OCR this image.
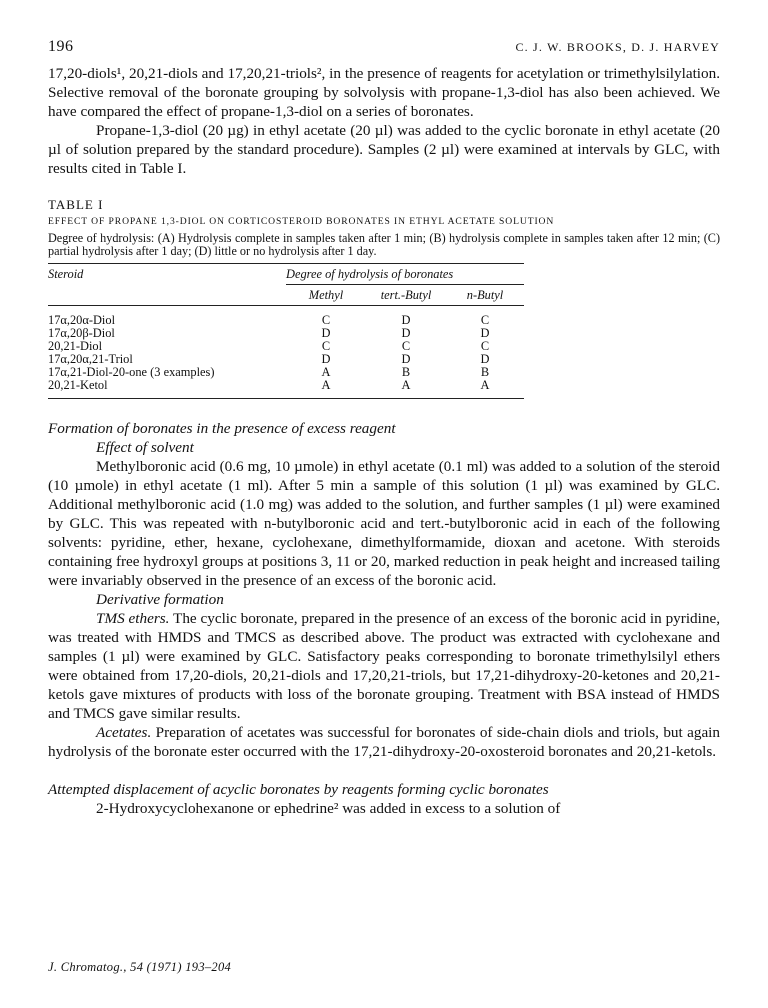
196	C. J. W. BROOKS, D. J. HARVEY

17,20-diols¹, 20,21-diols and 17,20,21-triols², in the presence of reagents for acetylation or trimethylsilylation. Selective removal of the boronate grouping by solvolysis with propane-1,3-diol has also been achieved. We have compared the effect of propane-1,3-diol on a series of boronates.

Propane-1,3-diol (20 µg) in ethyl acetate (20 µl) was added to the cyclic boronate in ethyl acetate (20 µl of solution prepared by the standard procedure). Samples (2 µl) were examined at intervals by GLC, with results cited in Table I.

TABLE I
EFFECT OF PROPANE 1,3-DIOL ON CORTICOSTEROID BORONATES IN ETHYL ACETATE SOLUTION
Degree of hydrolysis: (A) Hydrolysis complete in samples taken after 1 min; (B) hydrolysis complete in samples taken after 12 min; (C) partial hydrolysis after 1 day; (D) little or no hydrolysis after 1 day.
Steroid	Degree of hydrolysis of boronates		
	Methyl	tert.-Butyl	n-Butyl

17α,20α-Diol	C	D	C
17α,20β-Diol	D	D	D
20,21-Diol	C	C	C
17α,20α,21-Triol	D	D	D
17α,21-Diol-20-one (3 examples)	A	B	B
20,21-Ketol	A	A	A
Formation of boronates in the presence of excess reagent
Effect of solvent

Methylboronic acid (0.6 mg, 10 µmole) in ethyl acetate (0.1 ml) was added to a solution of the steroid (10 µmole) in ethyl acetate (1 ml). After 5 min a sample of this solution (1 µl) was examined by GLC. Additional methylboronic acid (1.0 mg) was added to the solution, and further samples (1 µl) were examined by GLC. This was repeated with n-butylboronic acid and tert.-butylboronic acid in each of the following solvents: pyridine, ether, hexane, cyclohexane, dimethylformamide, dioxan and acetone. With steroids containing free hydroxyl groups at positions 3, 11 or 20, marked reduction in peak height and increased tailing were invariably observed in the presence of an excess of the boronic acid.

Derivative formation

TMS ethers. The cyclic boronate, prepared in the presence of an excess of the boronic acid in pyridine, was treated with HMDS and TMCS as described above. The product was extracted with cyclohexane and samples (1 µl) were examined by GLC. Satisfactory peaks corresponding to boronate trimethylsilyl ethers were obtained from 17,20-diols, 20,21-diols and 17,20,21-triols, but 17,21-dihydroxy-20-ketones and 20,21-ketols gave mixtures of products with loss of the boronate grouping. Treatment with BSA instead of HMDS and TMCS gave similar results.

Acetates. Preparation of acetates was successful for boronates of side-chain diols and triols, but again hydrolysis of the boronate ester occurred with the 17,21-dihydroxy-20-oxosteroid boronates and 20,21-ketols.

Attempted displacement of acyclic boronates by reagents forming cyclic boronates

2-Hydroxycyclohexanone or ephedrine² was added in excess to a solution of

J. Chromatog., 54 (1971) 193–204
